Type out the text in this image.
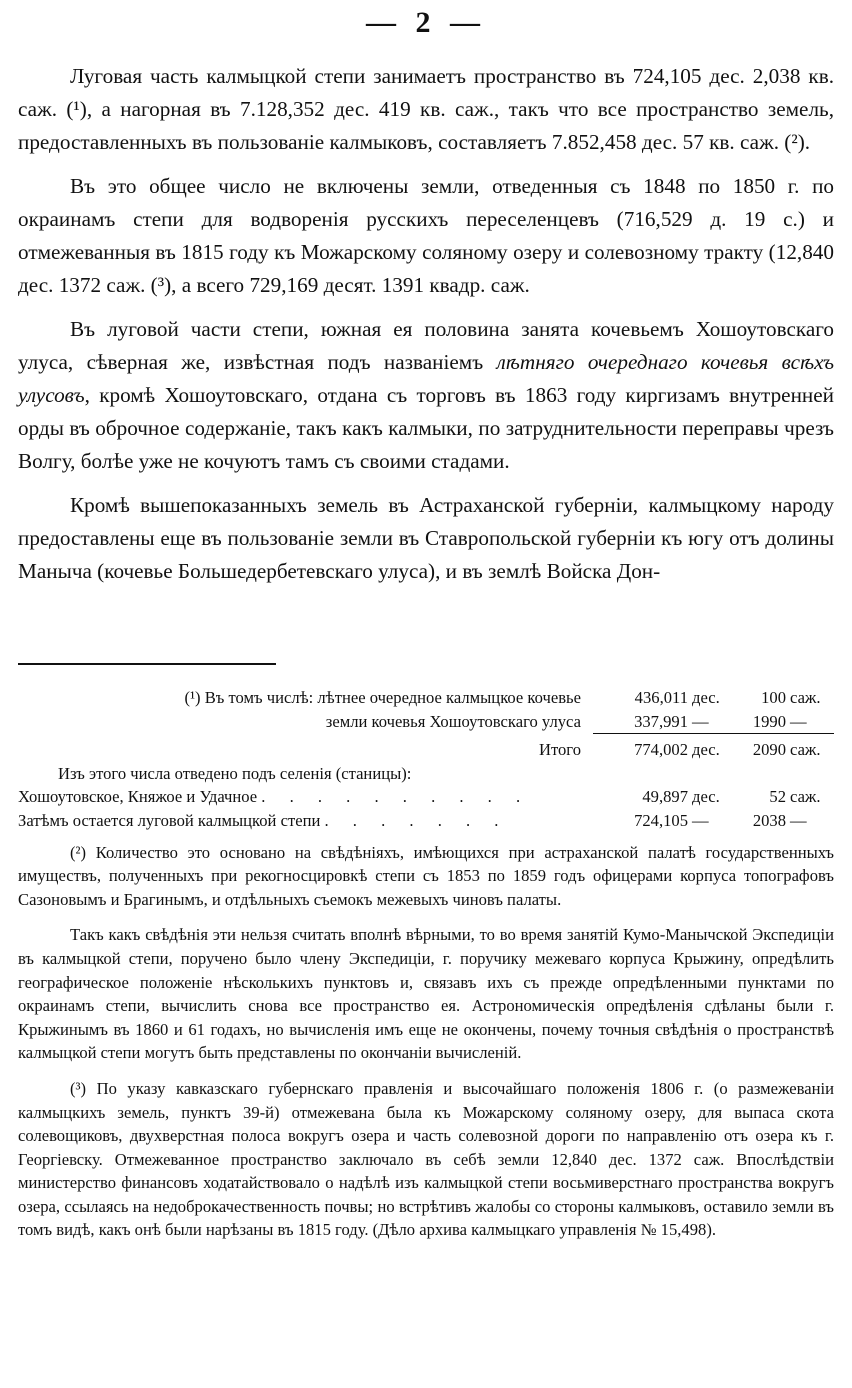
— 2 —

Луговая часть калмыцкой степи занимаетъ пространство въ 724,105 дес. 2,038 кв. саж. (¹), а нагорная въ 7.128,352 дес. 419 кв. саж., такъ что все пространство земель, предоставленныхъ въ пользованіе калмыковъ, составляетъ 7.852,458 дес. 57 кв. саж. (²).

Въ это общее число не включены земли, отведенныя съ 1848 по 1850 г. по окраинамъ степи для водворенія русскихъ переселенцевъ (716,529 д. 19 с.) и отмежеванныя въ 1815 году къ Можарскому соляному озеру и солевозному тракту (12,840 дес. 1372 саж. (³), а всего 729,169 десят. 1391 квадр. саж.

Въ луговой части степи, южная ея половина занята кочевьемъ Хошоутовскаго улуса, сѣверная же, извѣстная подъ названіемъ лѣтняго очереднаго кочевья всѣхъ улусовъ, кромѣ Хошоутовскаго, отдана съ торговъ въ 1863 году киргизамъ внутренней орды въ оброчное содержаніе, такъ какъ калмыки, по затруднительности переправы чрезъ Волгу, болѣе уже не кочуютъ тамъ съ своими стадами.

Кромѣ вышепоказанныхъ земель въ Астраханской губерніи, калмыцкому народу предоставлены еще въ пользованіе земли въ Ставропольской губерніи къ югу отъ долины Маныча (кочевье Большедербетевскаго улуса), и въ землѣ Войска Дон-

(¹) Въ томъ числѣ: лѣтнее очередное калмыцкое кочевье	436,011	дес.	100	саж.
земли кочевья Хошоутовскаго улуса	337,991	—	1990	—
Итого	774,002	дес.	2090	саж.
Изъ этого числа отведено подъ селенія (станицы):				
Хошоутовское, Княжое и Удачное . . . . . . . . . .	49,897	дес.	52	саж.
Затѣмъ остается луговой калмыцкой степи . . . . . . .	724,105	—	2038	—

(²) Количество это основано на свѣдѣніяхъ, имѣющихся при астраханской палатѣ государственныхъ имуществъ, полученныхъ при рекогносцировкѣ степи съ 1853 по 1859 годъ офицерами корпуса топографовъ Сазоновымъ и Брагинымъ, и отдѣльныхъ съемокъ межевыхъ чиновъ палаты.

Такъ какъ свѣдѣнія эти нельзя считать вполнѣ вѣрными, то во время занятій Кумо-Манычской Экспедиціи въ калмыцкой степи, поручено было члену Экспедиціи, г. поручику межеваго корпуса Крыжину, опредѣлить географическое положеніе нѣсколькихъ пунктовъ и, связавъ ихъ съ прежде опредѣленными пунктами по окраинамъ степи, вычислить снова все пространство ея. Астрономическія опредѣленія сдѣланы были г. Крыжинымъ въ 1860 и 61 годахъ, но вычисленія имъ еще не окончены, почему точныя свѣдѣнія о пространствѣ калмыцкой степи могутъ быть представлены по окончаніи вычисленій.

(³) По указу кавказскаго губернскаго правленія и высочайшаго положенія 1806 г. (о размежеваніи калмыцкихъ земель, пунктъ 39-й) отмежевана была къ Можарскому соляному озеру, для выпаса скота солевощиковъ, двухверстная полоса вокругъ озера и часть солевозной дороги по направленію отъ озера къ г. Георгіевску. Отмежеванное пространство заключало въ себѣ земли 12,840 дес. 1372 саж. Впослѣдствіи министерство финансовъ ходатайствовало о надѣлѣ изъ калмыцкой степи восьмиверстнаго пространства вокругъ озера, ссылаясь на недоброкачественность почвы; но встрѣтивъ жалобы со стороны калмыковъ, оставило земли въ томъ видѣ, какъ онѣ были нарѣзаны въ 1815 году. (Дѣло архива калмыцкаго управленія № 15,498).
